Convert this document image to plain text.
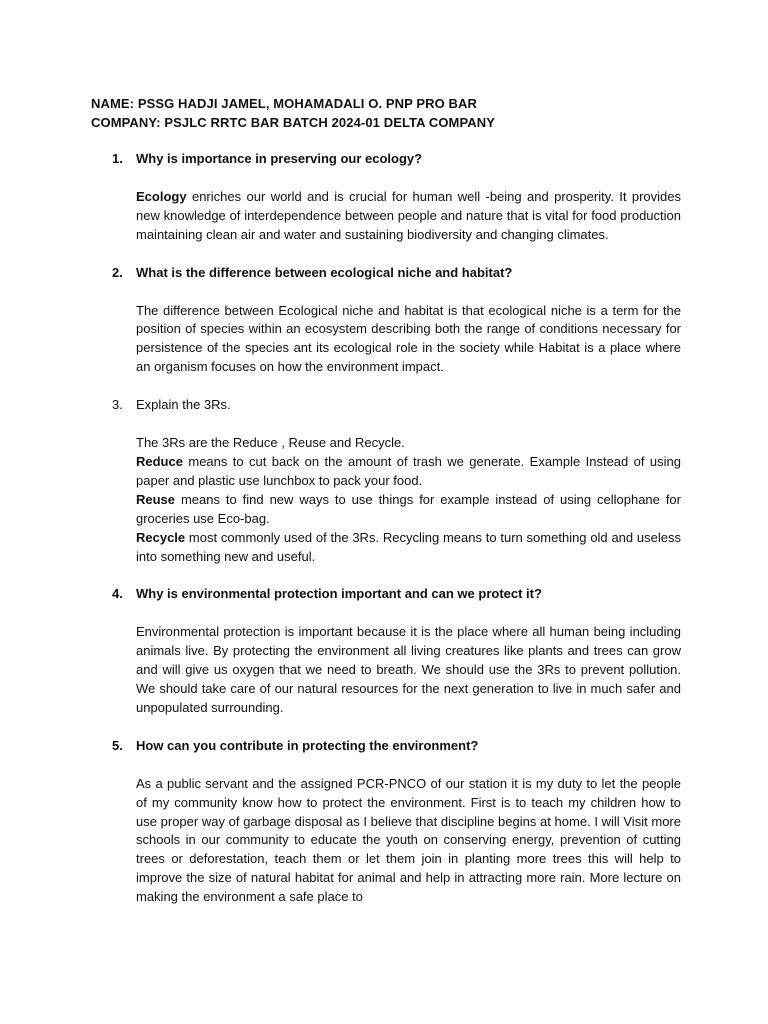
NAME: PSSG HADJI JAMEL, MOHAMADALI O. PNP PRO BAR
COMPANY: PSJLC RRTC BAR BATCH 2024-01 DELTA COMPANY
1. Why is importance in preserving our ecology?

Ecology enriches our world and is crucial for human well -being and prosperity. It provides new knowledge of interdependence between people and nature that is vital for food production maintaining clean air and water and sustaining biodiversity and changing climates.

2. What is the difference between ecological niche and habitat?

The difference between Ecological niche and habitat is that ecological niche is a term for the position of species within an ecosystem describing both the range of conditions necessary for persistence of the species ant its ecological role in the society while Habitat is a place where an organism focuses on how the environment impact.

3. Explain the 3Rs.

The 3Rs are the Reduce , Reuse and Recycle.

Reduce means to cut back on the amount of trash we generate. Example Instead of using paper and plastic use lunchbox to pack your food.

Reuse means to find new ways to use things for example instead of using cellophane for groceries use Eco-bag.

Recycle most commonly used of the 3Rs. Recycling means to turn something old and useless into something new and useful.

4. Why is environmental protection important and can we protect it?

Environmental protection is important because it is the place where all human being including animals live. By protecting the environment all living creatures like plants and trees can grow and will give us oxygen that we need to breath. We should use the 3Rs to prevent pollution. We should take care of our natural resources for the next generation to live in much safer and unpopulated surrounding.

5. How can you contribute in protecting the environment?

As a public servant and the assigned PCR-PNCO of our station it is my duty to let the people of my community know how to protect the environment. First is to teach my children how to use proper way of garbage disposal as I believe that discipline begins at home. I will Visit more schools in our community to educate the youth on conserving energy, prevention of cutting trees or deforestation, teach them or let them join in planting more trees this will help to improve the size of natural habitat for animal and help in attracting more rain. More lecture on making the environment a safe place to
